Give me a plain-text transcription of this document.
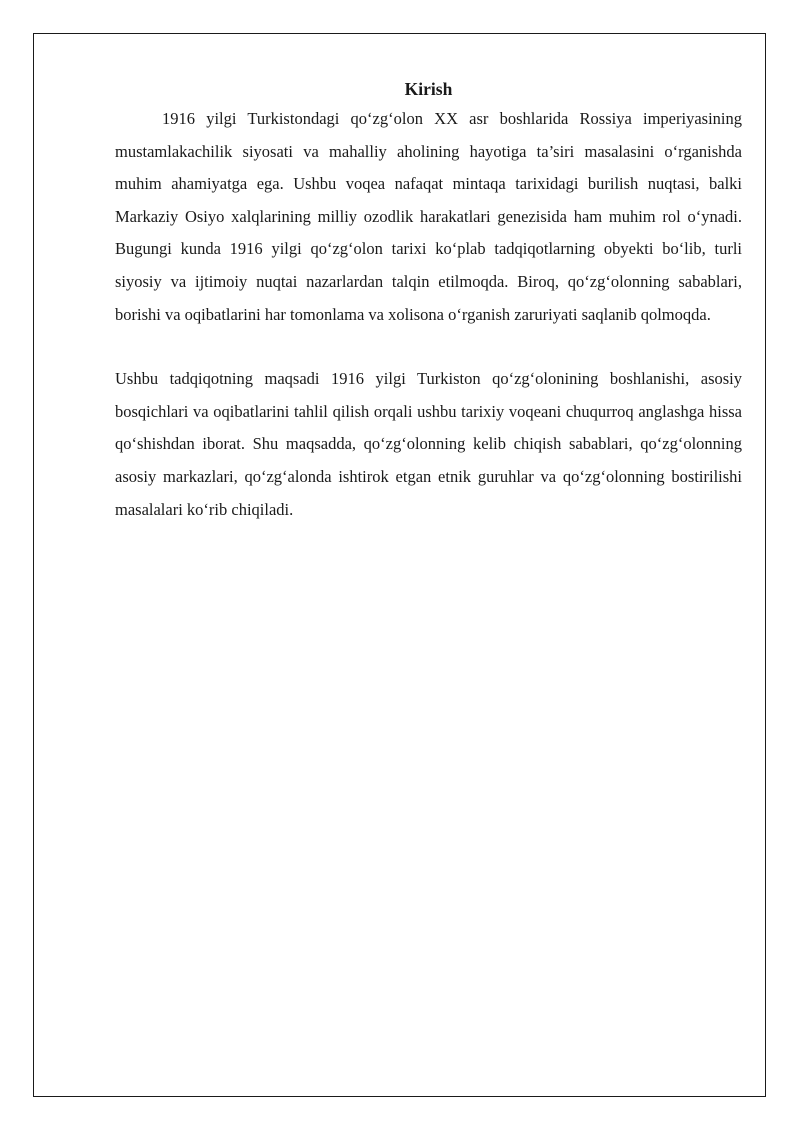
Kirish

1916 yilgi Turkistondagi qo‘zg‘olon XX asr boshlarida Rossiya imperiyasining mustamlakachilik siyosati va mahalliy aholining hayotiga ta’siri masalasini o‘rganishda muhim ahamiyatga ega. Ushbu voqea nafaqat mintaqa tarixidagi burilish nuqtasi, balki Markaziy Osiyo xalqlarining milliy ozodlik harakatlari genezisida ham muhim rol o‘ynadi. Bugungi kunda 1916 yilgi qo‘zg‘olon tarixi ko‘plab tadqiqotlarning obyekti bo‘lib, turli siyosiy va ijtimoiy nuqtai nazarlardan talqin etilmoqda. Biroq, qo‘zg‘olonning sabablari, borishi va oqibatlarini har tomonlama va xolisona o‘rganish zaruriyati saqlanib qolmoqda.

Ushbu tadqiqotning maqsadi 1916 yilgi Turkiston qo‘zg‘olonining boshlanishi, asosiy bosqichlari va oqibatlarini tahlil qilish orqali ushbu tarixiy voqeani chuqurroq anglashga hissa qo‘shishdan iborat. Shu maqsadda, qo‘zg‘olonning kelib chiqish sabablari, qo‘zg‘olonning asosiy markazlari, qo‘zg‘alonda ishtirok etgan etnik guruhlar va qo‘zg‘olonning bostirilishi masalalari ko‘rib chiqiladi.
